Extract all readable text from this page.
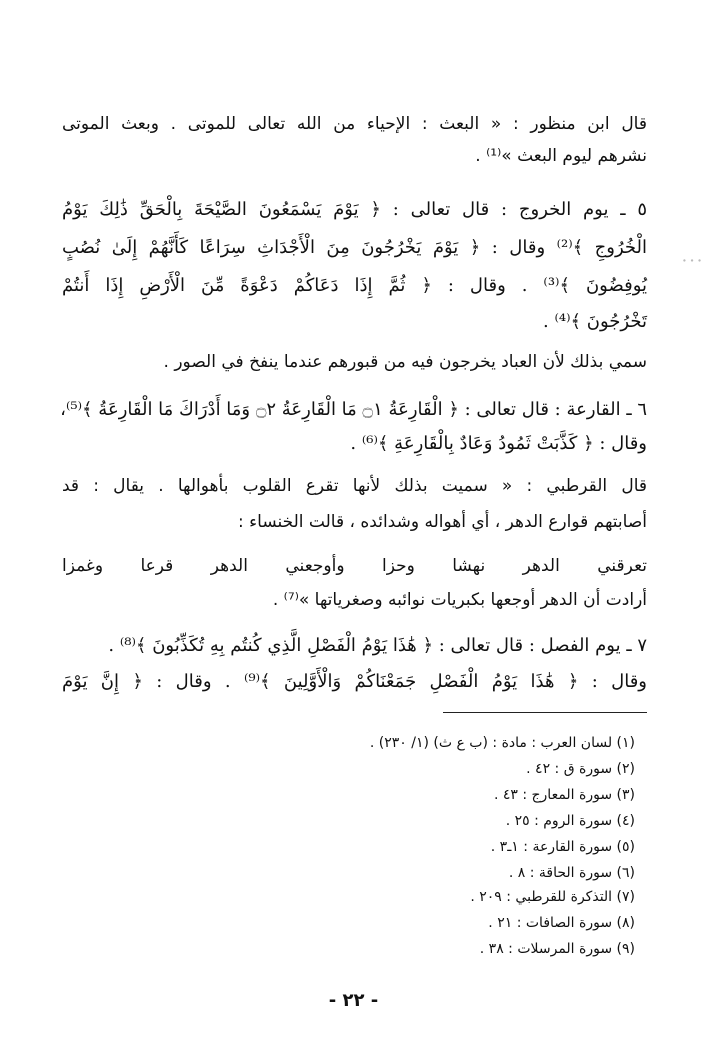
قال ابن منظور : « البعث : الإحياء من الله تعالى للموتى . وبعث الموتى
نشرهم ليوم البعث »⁽¹⁾ .
٥ ـ يوم الخروج : قال تعالى : ﴿ يَوْمَ يَسْمَعُونَ الصَّيْحَةَ بِالْحَقِّ ذَٰلِكَ يَوْمُ
الْخُرُوجِ ﴾⁽²⁾ وقال : ﴿ يَوْمَ يَخْرُجُونَ مِنَ الْأَجْدَاثِ سِرَاعًا كَأَنَّهُمْ إِلَىٰ نُصُبٍ
يُوفِضُونَ ﴾⁽³⁾ . وقال : ﴿ ثُمَّ إِذَا دَعَاكُمْ دَعْوَةً مِّنَ الْأَرْضِ إِذَا أَنتُمْ
تَخْرُجُونَ ﴾⁽⁴⁾ .
سمي بذلك لأن العباد يخرجون فيه من قبورهم عندما ينفخ في الصور .
٦ ـ القارعة : قال تعالى : ﴿ الْقَارِعَةُ ۝١ مَا الْقَارِعَةُ ۝٢ وَمَا أَدْرَاكَ مَا الْقَارِعَةُ ﴾⁽⁵⁾،
وقال : ﴿ كَذَّبَتْ ثَمُودُ وَعَادٌ بِالْقَارِعَةِ ﴾⁽⁶⁾ .
قال القرطبي : « سميت بذلك لأنها تقرع القلوب بأهوالها . يقال : قد
أصابتهم قوارع الدهر ، أي أهواله وشدائده ، قالت الخنساء :
تعرقني الدهر نهشا وحزا وأوجعني الدهر قرعا وغمزا
أرادت أن الدهر أوجعها بكبريات نوائبه وصغرياتها »⁽⁷⁾ .
٧ ـ يوم الفصل : قال تعالى : ﴿ هَٰذَا يَوْمُ الْفَصْلِ الَّذِي كُنتُم بِهِ تُكَذِّبُونَ ﴾⁽⁸⁾ .
وقال : ﴿ هَٰذَا يَوْمُ الْفَصْلِ جَمَعْنَاكُمْ وَالْأَوَّلِينَ ﴾⁽⁹⁾ . وقال : ﴿ إِنَّ يَوْمَ
(١) لسان العرب : مادة : (ب ع ث) (١/ ٢٣٠) .
(٢) سورة ق : ٤٢ .
(٣) سورة المعارج : ٤٣ .
(٤) سورة الروم : ٢٥ .
(٥) سورة القارعة : ١ـ٣ .
(٦) سورة الحاقة : ٨ .
(٧) التذكرة للقرطبي : ٢٠٩ .
(٨) سورة الصافات : ٢١ .
(٩) سورة المرسلات : ٣٨ .
- ٢٢ -
∙ ∙ ∙
